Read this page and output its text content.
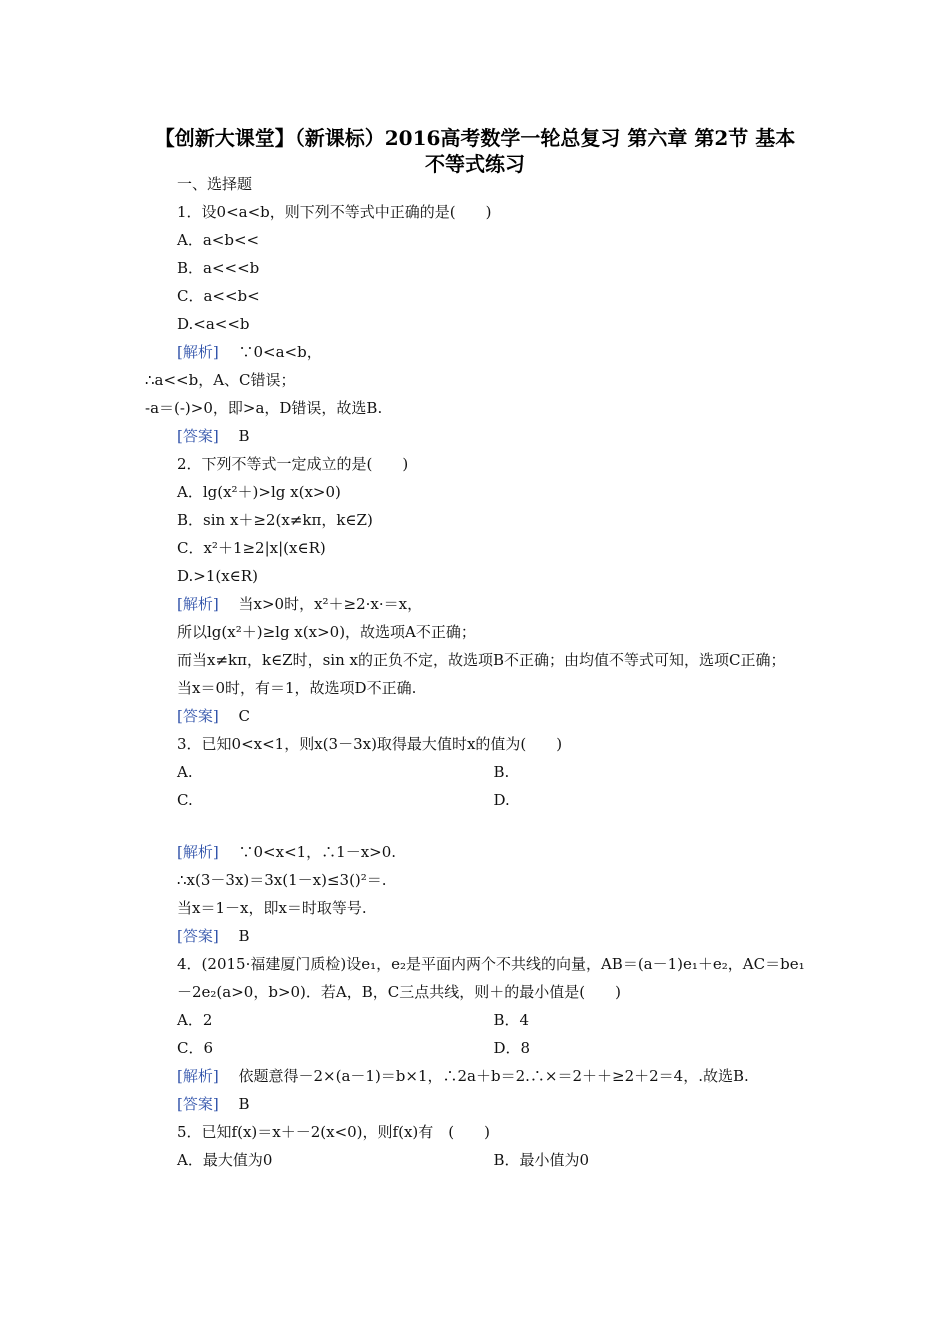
【创新大课堂】（新课标）2016高考数学一轮总复习 第六章 第2节 基本不等式练习
一、选择题
1．设0<a<b，则下列不等式中正确的是(　　)
A．a<b<<
B．a<<<b
C．a<<b<
D.<a<<b
[解析]　 ∵0<a<b，
∴a<<b，A、C错误；
-a＝(-)>0，即>a，D错误，故选B.
[答案]　 B
2．下列不等式一定成立的是(　　)
A．lg(x²＋)>lg x(x>0)
B．sin x＋≥2(x≠kπ，k∈Z)
C．x²＋1≥2|x|(x∈R)
D.>1(x∈R)
[解析]　 当x>0时，x²＋≥2·x·＝x，
所以lg(x²＋)≥lg x(x>0)，故选项A不正确；
而当x≠kπ，k∈Z时，sin x的正负不定，故选项B不正确；由均值不等式可知，选项C正确；
当x＝0时，有＝1，故选项D不正确.
[答案]　 C
3．已知0<x<1，则x(3－3x)取得最大值时x的值为(　　)
A.	B.
C.	D.
[解析]　 ∵0<x<1，∴1－x>0.
∴x(3－3x)＝3x(1－x)≤3()²＝.
当x＝1－x，即x＝时取等号.
[答案]　 B
4．(2015·福建厦门质检)设e₁，e₂是平面内两个不共线的向量，AB＝(a－1)e₁＋e₂，AC＝be₁－2e₂(a>0，b>0)．若A，B，C三点共线，则＋的最小值是(　　)
A．2	B．4
C．6	D．8
[解析]　 依题意得－2×(a－1)＝b×1，∴2a＋b＝2.∴×＝2＋＋≥2＋2＝4，.故选B.
[答案]　 B
5．已知f(x)＝x＋－2(x<0)，则f(x)有　(　　)
A．最大值为0	B．最小值为0
